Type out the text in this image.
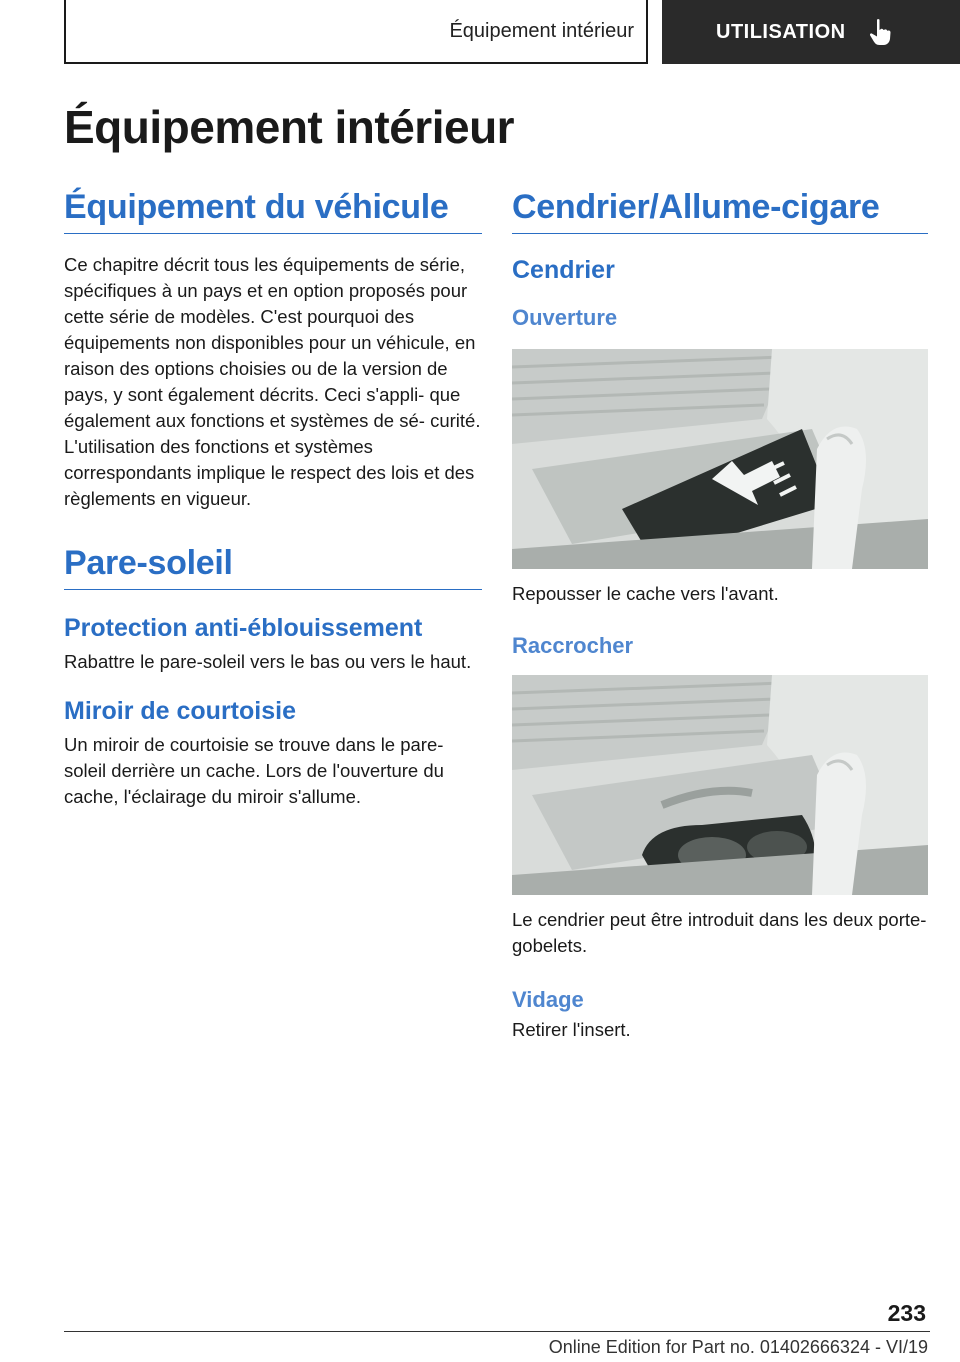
Équipement intérieur	UTILISATION
Équipement intérieur
Équipement du véhicule

Ce chapitre décrit tous les équipements de série, spécifiques à un pays et en option proposés pour cette série de modèles. C'est pourquoi des équipements non disponibles pour un véhicule, en raison des options choisies ou de la version de pays, y sont également décrits. Ceci s'appli‐ que également aux fonctions et systèmes de sé‐ curité. L'utilisation des fonctions et systèmes correspondants implique le respect des lois et des règlements en vigueur.

Pare-soleil
Protection anti-éblouissement

Rabattre le pare-soleil vers le bas ou vers le haut.

Miroir de courtoisie

Un miroir de courtoisie se trouve dans le pare- soleil derrière un cache. Lors de l'ouverture du cache, l'éclairage du miroir s'allume.

Cendrier/Allume-cigare
Cendrier
Ouverture

Repousser le cache vers l'avant.

Raccrocher

Le cendrier peut être introduit dans les deux porte-gobelets.

Vidage

Retirer l'insert.

233
Online Edition for Part no. 01402666324 - VI/19
